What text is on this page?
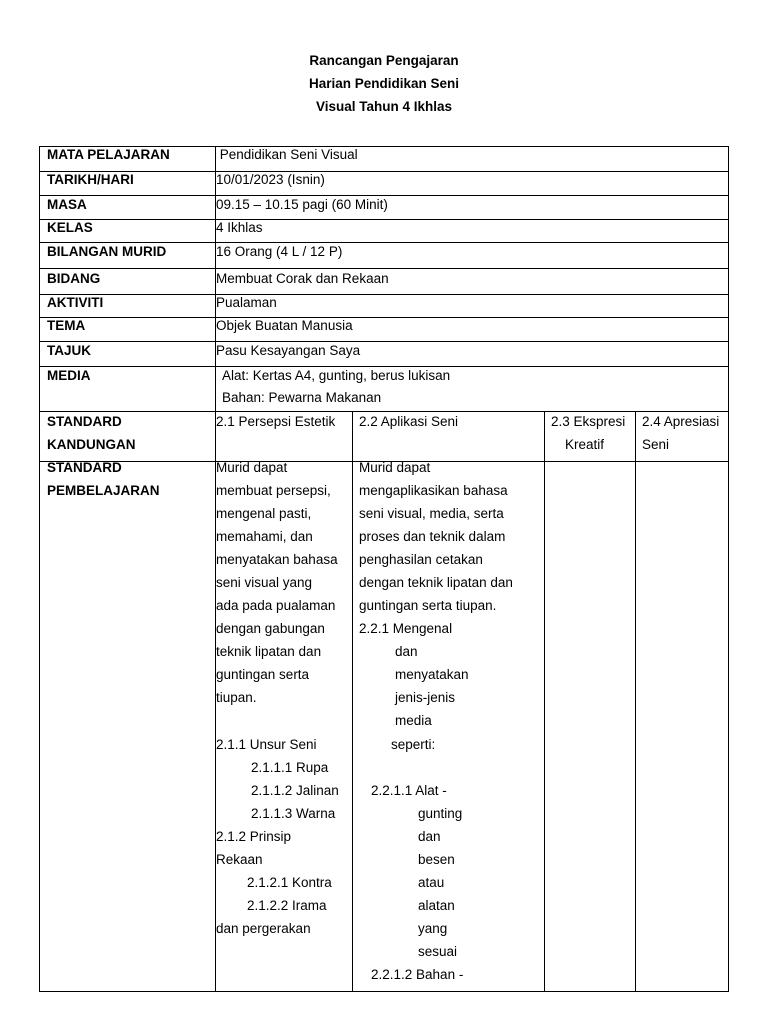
Rancangan Pengajaran
Harian Pendidikan Seni
Visual Tahun 4 Ikhlas
MATA PELAJARAN
TARIKH/HARI
MASA
KELAS
BILANGAN MURID
BIDANG
AKTIVITI
TEMA
TAJUK
MEDIA
Pendidikan Seni Visual
10/01/2023 (Isnin)
09.15 – 10.15 pagi (60 Minit)
4 Ikhlas
16 Orang (4 L / 12 P)
Membuat Corak dan Rekaan
Pualaman
Objek Buatan Manusia
Pasu Kesayangan Saya
Alat: Kertas A4, gunting, berus lukisan
Bahan: Pewarna Makanan
STANDARD
KANDUNGAN
2.1 Persepsi Estetik 2.2 Aplikasi Seni	2.3 Ekspresi
Kreatif
2.4 Apresiasi
Seni
STANDARD
PEMBELAJARAN
Murid dapat
membuat persepsi,
mengenal pasti,
memahami, dan
menyatakan bahasa
seni visual yang
ada pada pualaman
dengan gabungan
teknik lipatan dan
guntingan serta
tiupan.
2.1.1 Unsur Seni
2.1.1.1 Rupa
2.1.1.2 Jalinan
2.1.1.3 Warna
2.1.2 Prinsip
Rekaan
2.1.2.1 Kontra
2.1.2.2 Irama
dan pergerakan
Murid dapat
mengaplikasikan bahasa
seni visual, media, serta
proses dan teknik dalam
penghasilan cetakan
dengan teknik lipatan dan
guntingan serta tiupan.
2.2.1 Mengenal
dan
menyatakan
jenis-jenis
media
seperti:
2.2.1.1 Alat -
gunting
dan
besen
atau
alatan
yang
sesuai
2.2.1.2 Bahan -
